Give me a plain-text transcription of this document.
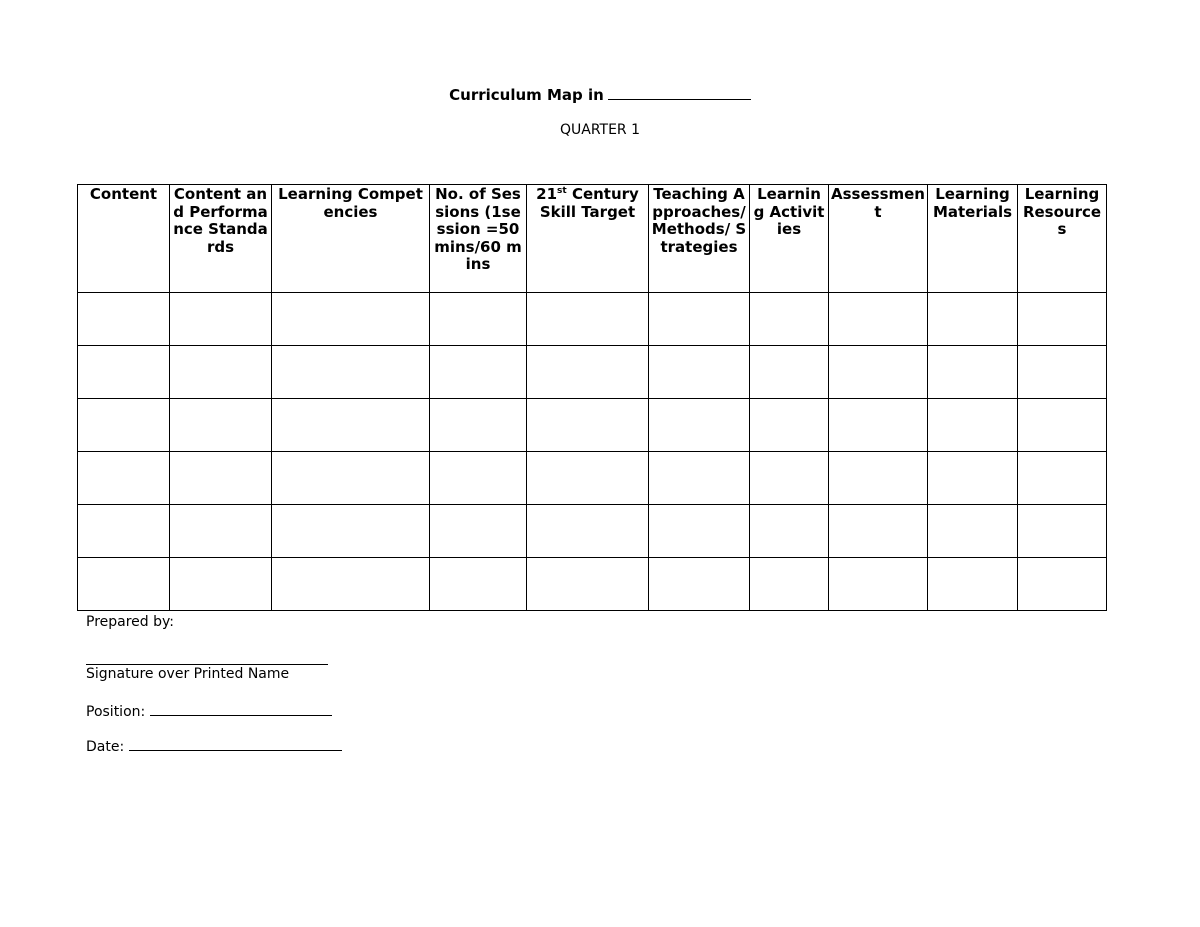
Curriculum Map in
QUARTER 1
Content	Content and Performance Standards	Learning Competencies	No. of Sessions (1session =50 mins/60 mins	21st Century Skill Target	Teaching Approaches/ Methods/ Strategies	Learning Activities	Assessment	Learning Materials	Learning Resources

Prepared by:
Signature over Printed Name
Position:
Date:
